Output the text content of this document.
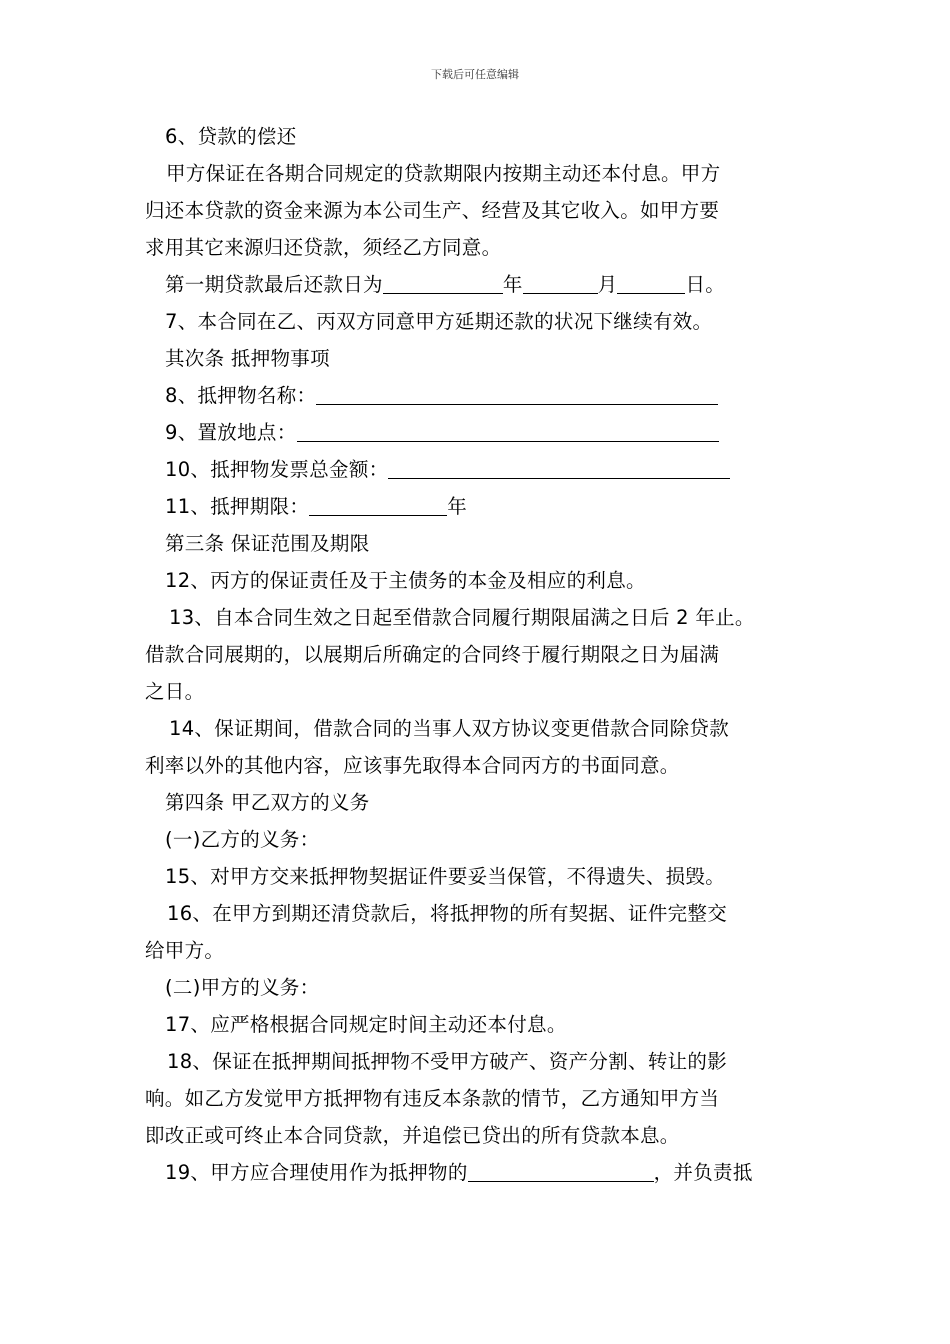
下载后可任意编辑
6、贷款的偿还
甲方保证在各期合同规定的贷款期限内按期主动还本付息。甲方
归还本贷款的资金来源为本公司生产、经营及其它收入。如甲方要
求用其它来源归还贷款，须经乙方同意。
第一期贷款最后还款日为	年	月	日。
7、本合同在乙、丙双方同意甲方延期还款的状况下继续有效。
其次条 抵押物事项
8、抵押物名称：
9、置放地点：
10、抵押物发票总金额：
11、抵押期限：	年
第三条 保证范围及期限
12、丙方的保证责任及于主债务的本金及相应的利息。
13、自本合同生效之日起至借款合同履行期限届满之日后 2 年止。
借款合同展期的，以展期后所确定的合同终于履行期限之日为届满
之日。
14、保证期间，借款合同的当事人双方协议变更借款合同除贷款
利率以外的其他内容，应该事先取得本合同丙方的书面同意。
第四条 甲乙双方的义务
(一)乙方的义务：
15、对甲方交来抵押物契据证件要妥当保管，不得遗失、损毁。
16、在甲方到期还清贷款后，将抵押物的所有契据、证件完整交
给甲方。
(二)甲方的义务：
17、应严格根据合同规定时间主动还本付息。
18、保证在抵押期间抵押物不受甲方破产、资产分割、转让的影
响。如乙方发觉甲方抵押物有违反本条款的情节，乙方通知甲方当
即改正或可终止本合同贷款，并追偿已贷出的所有贷款本息。
19、甲方应合理使用作为抵押物的	，并负责抵
